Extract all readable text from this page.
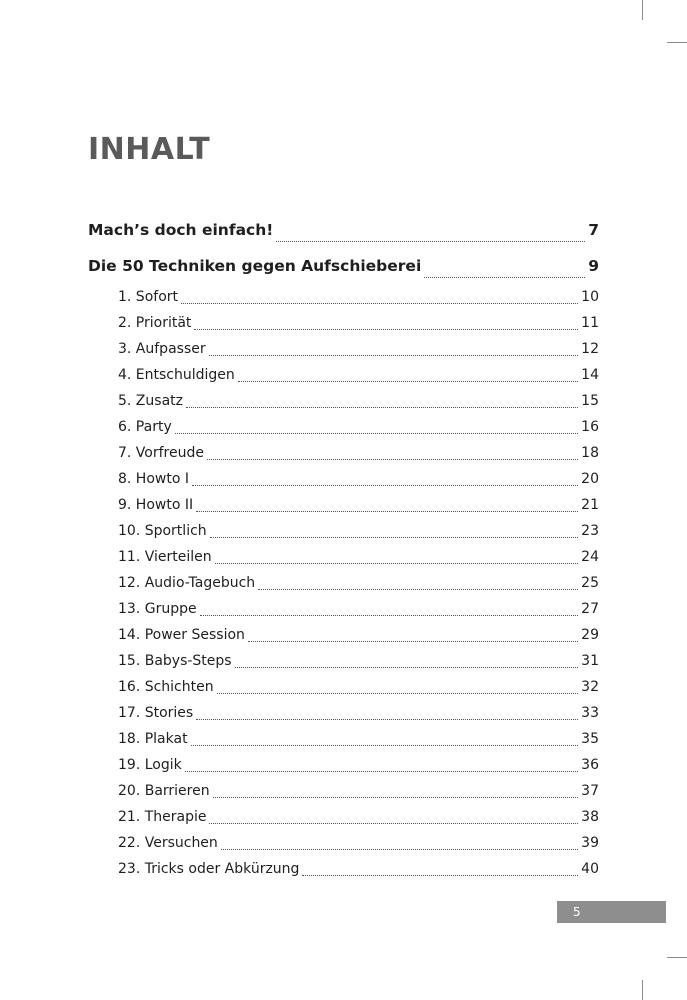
INHALT
Mach’s doch einfach!	7
Die 50 Techniken gegen Aufschieberei	9
1. Sofort	10
2. Priorität	11
3. Aufpasser	12
4. Entschuldigen	14
5. Zusatz	15
6. Party	16
7. Vorfreude	18
8. Howto I	20
9. Howto II	21
10. Sportlich	23
11. Vierteilen	24
12. Audio-Tagebuch	25
13. Gruppe	27
14. Power Session	29
15. Babys-Steps	31
16. Schichten	32
17. Stories	33
18. Plakat	35
19. Logik	36
20. Barrieren	37
21. Therapie	38
22. Versuchen	39
23. Tricks oder Abkürzung	40
5
